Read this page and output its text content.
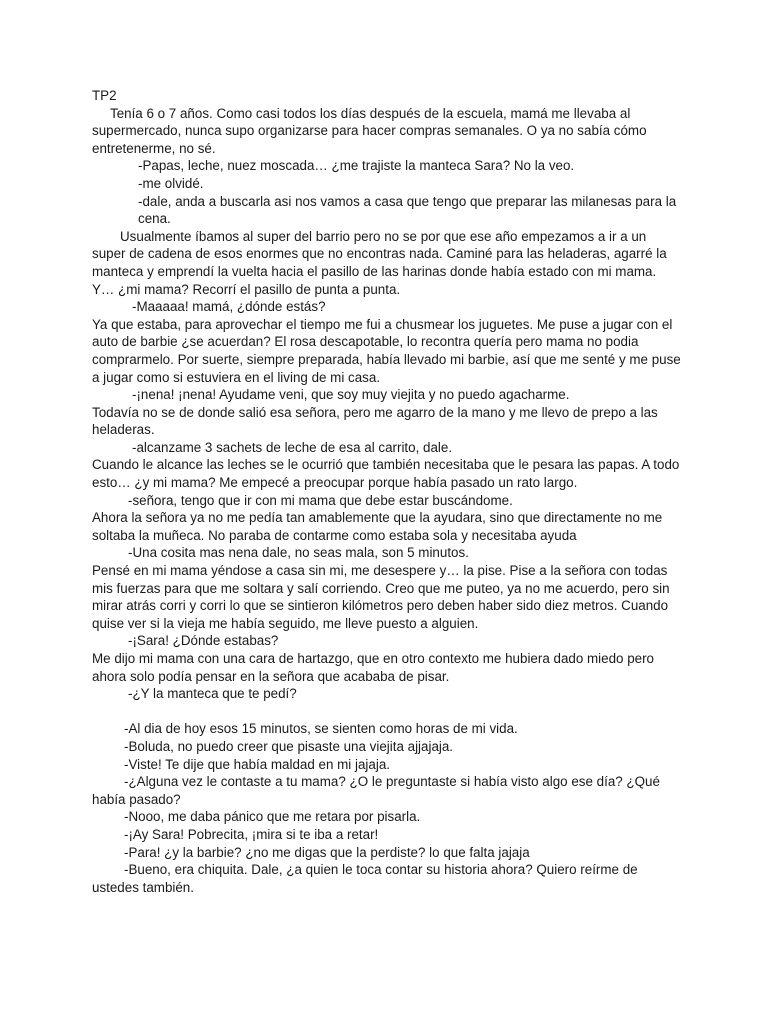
TP2

Tenía 6 o 7 años. Como casi todos los días después de la escuela, mamá me llevaba al supermercado, nunca supo organizarse para hacer compras semanales. O ya no sabía cómo entretenerme, no sé.

-Papas, leche, nuez moscada… ¿me trajiste la manteca Sara? No la veo.

-me olvidé.

-dale, anda a buscarla asi nos vamos a casa que tengo que preparar las milanesas para la cena.

Usualmente íbamos al super del barrio pero no se por que ese año empezamos a ir a un super de cadena de esos enormes que no encontras nada. Caminé para las heladeras, agarré la manteca y emprendí la vuelta hacia el pasillo de las harinas donde había estado con mi mama. Y… ¿mi mama? Recorrí el pasillo de punta a punta.

-Maaaaa! mamá, ¿dónde estás?

Ya que estaba, para aprovechar el tiempo me fui a chusmear los juguetes. Me puse a jugar con el auto de barbie ¿se acuerdan? El rosa descapotable, lo recontra quería pero mama no podia comprarmelo. Por suerte, siempre preparada, había llevado mi barbie, así que me senté y me puse a jugar como si estuviera en el living de mi casa.

-¡nena! ¡nena! Ayudame veni, que soy muy viejita y no puedo agacharme.

Todavía no se de donde salió esa señora, pero me agarro de la mano y me llevo de prepo a las heladeras.

-alcanzame 3 sachets de leche de esa al carrito, dale.

Cuando le alcance las leches se le ocurrió que también necesitaba que le pesara las papas. A todo esto… ¿y mi mama? Me empecé a preocupar porque había pasado un rato largo.

-señora, tengo que ir con mi mama que debe estar buscándome.

Ahora la señora ya no me pedía tan amablemente que la ayudara, sino que directamente no me soltaba la muñeca. No paraba de contarme como estaba sola y necesitaba ayuda

-Una cosita mas nena dale, no seas mala, son 5 minutos.

Pensé en mi mama yéndose a casa sin mi, me desespere y… la pise. Pise a la señora con todas mis fuerzas para que me soltara y salí corriendo. Creo que me puteo, ya no me acuerdo, pero sin mirar atrás corri y corri lo que se sintieron kilómetros pero deben haber sido diez metros. Cuando quise ver si la vieja me había seguido, me lleve puesto a alguien.

-¡Sara! ¿Dónde estabas?

Me dijo mi mama con una cara de hartazgo, que en otro contexto me hubiera dado miedo pero ahora solo podía pensar en la señora que acababa de pisar.

-¿Y la manteca que te pedí?

-Al dia de hoy esos 15 minutos, se sienten como horas de mi vida.

-Boluda, no puedo creer que pisaste una viejita ajjajaja.

-Viste! Te dije que había maldad en mi jajaja.

-¿Alguna vez le contaste a tu mama? ¿O le preguntaste si había visto algo ese día? ¿Qué había pasado?

-Nooo, me daba pánico que me retara por pisarla.

-¡Ay Sara! Pobrecita, ¡mira si te iba a retar!

-Para! ¿y la barbie? ¿no me digas que la perdiste? lo que falta jajaja

-Bueno, era chiquita. Dale, ¿a quien le toca contar su historia ahora? Quiero reírme de ustedes también.
